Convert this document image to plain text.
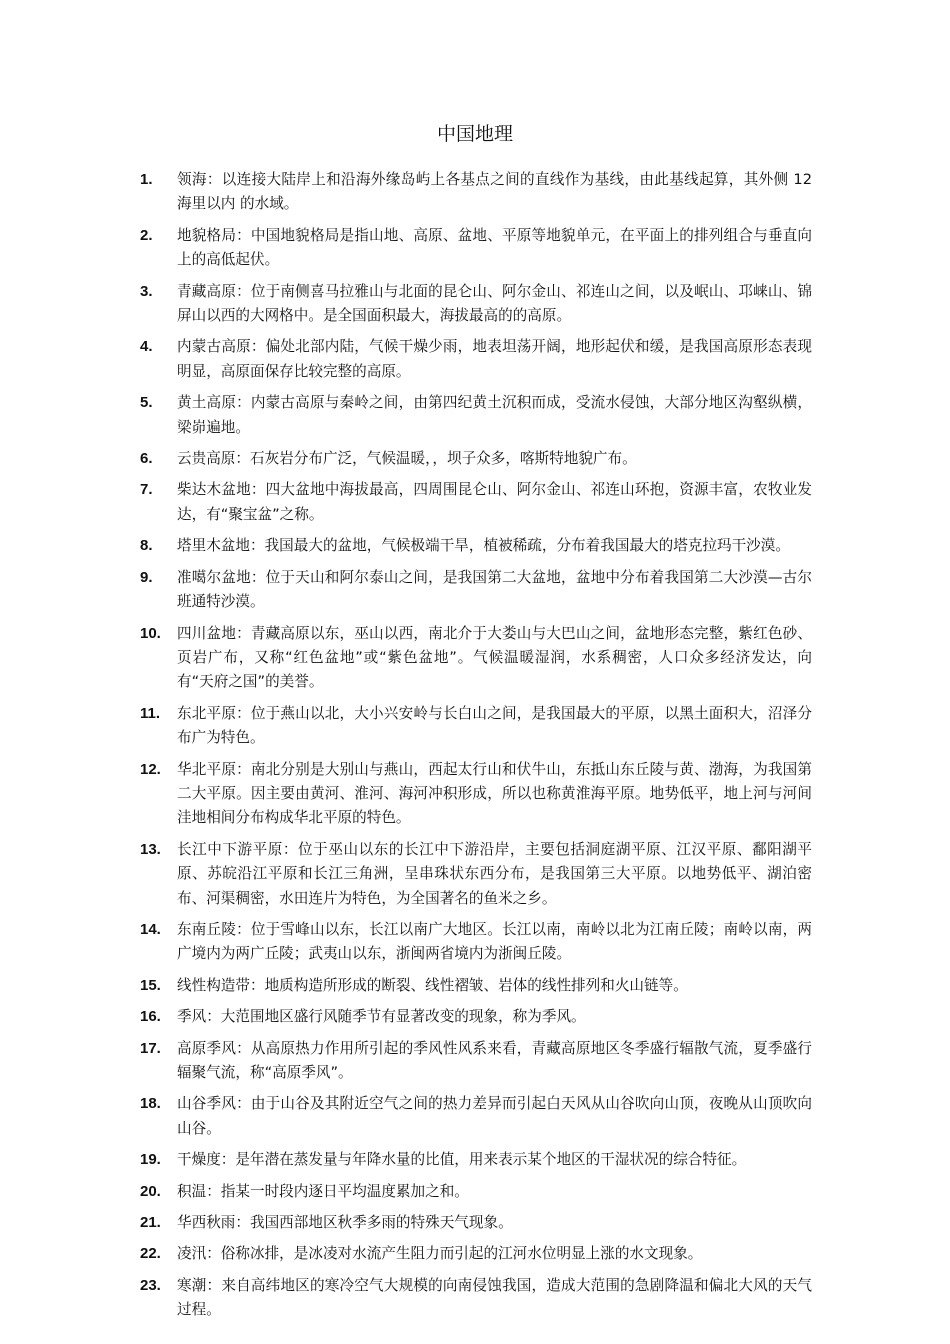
中国地理
1.	领海：以连接大陆岸上和沿海外缘岛屿上各基点之间的直线作为基线，由此基线起算，其外侧 12 海里以内 的水域。
2.	地貌格局：中国地貌格局是指山地、高原、盆地、平原等地貌单元，在平面上的排列组合与垂直向上的高低起伏。
3.	青藏高原：位于南侧喜马拉雅山与北面的昆仑山、阿尔金山、祁连山之间，以及岷山、邛崃山、锦屏山以西的大网格中。是全国面积最大，海拔最高的的高原。
4.	内蒙古高原：偏处北部内陆，气候干燥少雨，地表坦荡开阔，地形起伏和缓，是我国高原形态表现明显，高原面保存比较完整的高原。
5.	黄土高原：内蒙古高原与秦岭之间，由第四纪黄土沉积而成，受流水侵蚀，大部分地区沟壑纵横，梁峁遍地。
6.	云贵高原：石灰岩分布广泛，气候温暖，，坝子众多，喀斯特地貌广布。
7.	柴达木盆地：四大盆地中海拔最高，四周围昆仑山、阿尔金山、祁连山环抱，资源丰富，农牧业发达，有“聚宝盆”之称。
8.	塔里木盆地：我国最大的盆地，气候极端干旱，植被稀疏，分布着我国最大的塔克拉玛干沙漠。
9.	准噶尔盆地：位于天山和阿尔泰山之间，是我国第二大盆地，盆地中分布着我国第二大沙漠—古尔班通特沙漠。
10.	四川盆地：青藏高原以东，巫山以西，南北介于大娄山与大巴山之间，盆地形态完整，紫红色砂、页岩广布，又称“红色盆地”或“紫色盆地”。气候温暖湿润，水系稠密，人口众多经济发达，向有“天府之国”的美誉。
11.	东北平原：位于燕山以北，大小兴安岭与长白山之间，是我国最大的平原，以黑土面积大，沼泽分布广为特色。
12.	华北平原：南北分别是大别山与燕山，西起太行山和伏牛山，东抵山东丘陵与黄、渤海，为我国第二大平原。因主要由黄河、淮河、海河冲积形成，所以也称黄淮海平原。地势低平，地上河与河间洼地相间分布构成华北平原的特色。
13.	长江中下游平原：位于巫山以东的长江中下游沿岸，主要包括洞庭湖平原、江汉平原、鄱阳湖平原、苏皖沿江平原和长江三角洲，呈串珠状东西分布，是我国第三大平原。以地势低平、湖泊密布、河渠稠密，水田连片为特色，为全国著名的鱼米之乡。
14.	东南丘陵：位于雪峰山以东，长江以南广大地区。长江以南，南岭以北为江南丘陵；南岭以南，两广境内为两广丘陵；武夷山以东，浙闽两省境内为浙闽丘陵。
15.	线性构造带：地质构造所形成的断裂、线性褶皱、岩体的线性排列和火山链等。
16.	季风：大范围地区盛行风随季节有显著改变的现象，称为季风。
17.	高原季风：从高原热力作用所引起的季风性风系来看，青藏高原地区冬季盛行辐散气流，夏季盛行辐聚气流，称“高原季风”。
18.	山谷季风：由于山谷及其附近空气之间的热力差异而引起白天风从山谷吹向山顶，夜晚从山顶吹向山谷。
19.	干燥度：是年潜在蒸发量与年降水量的比值，用来表示某个地区的干湿状况的综合特征。
20.	积温：指某一时段内逐日平均温度累加之和。
21.	华西秋雨：我国西部地区秋季多雨的特殊天气现象。
22.	凌汛：俗称冰排，是冰凌对水流产生阻力而引起的江河水位明显上涨的水文现象。
23.	寒潮：来自高纬地区的寒冷空气大规模的向南侵蚀我国，造成大范围的急剧降温和偏北大风的天气过程。
